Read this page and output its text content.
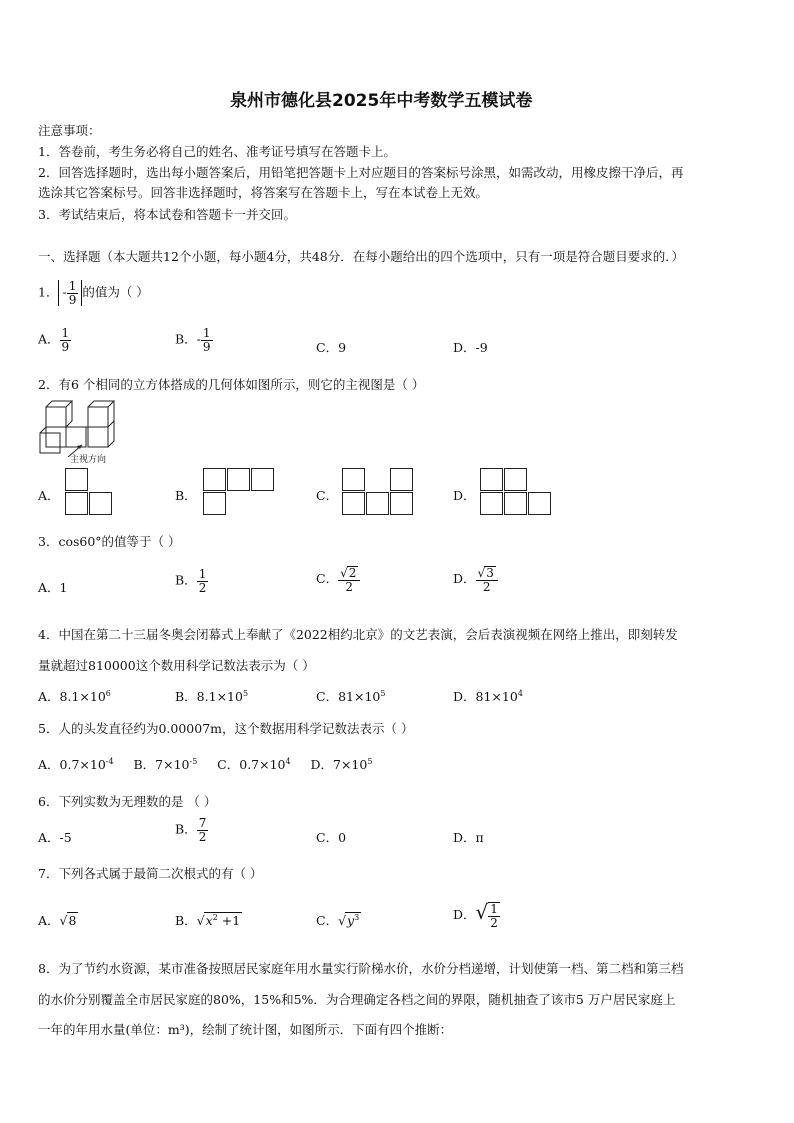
泉州市德化县2025年中考数学五模试卷
注意事项：
1．答卷前，考生务必将自己的姓名、准考证号填写在答题卡上。
2．回答选择题时，选出每小题答案后，用铅笔把答题卡上对应题目的答案标号涂黑，如需改动，用橡皮擦干净后，再
选涂其它答案标号。回答非选择题时，将答案写在答题卡上，写在本试卷上无效。
3．考试结束后，将本试卷和答题卡一并交回。
一、选择题（本大题共12个小题，每小题4分，共48分．在每小题给出的四个选项中，只有一项是符合题目要求的．）
1． - $\frac{1}{9}$ 的值为（ ）
A． $\frac{1}{9}$	B．- $\frac{1}{9}$	C．9	D．-9
2．有6 个相同的立方体搭成的几何体如图所示，则它的主视图是（ ）
主视方向
A．	B．	C．	D．
3．cos60°的值等于（ ）
A．1	B． $\frac{1}{2}$	C． $\frac{√2}{2}$	D． $\frac{√3}{2}$
4．中国在第二十三届冬奥会闭幕式上奉献了《2022相约北京》的文艺表演，会后表演视频在网络上推出，即刻转发
量就超过810000这个数用科学记数法表示为（ ）
A．$8.1\times 10^6$	B．$8.1\times 10^5$	C．$81\times 10^5$	D．$81\times 10^4$
5．人的头发直径约为0.00007m，这个数据用科学记数法表示（ ）
A．$0.7\times 10^{-4}$ B．$7\times 10^{-5}$ C．$0.7\times 10^4$ D．$7\times 10^5$
6．下列实数为无理数的是 （ ）
A．-5
B． $\frac{7}{2}$	C．0	D．π
7．下列各式属于最简二次根式的有（ ）
A．√8	B．$√x^2 +1$	C．$√y^3$	D．√ $\frac{1}{2}$
8．为了节约水资源，某市准备按照居民家庭年用水量实行阶梯水价，水价分档递增，计划使第一档、第二档和第三档
的水价分别覆盖全市居民家庭的80%，15%和5%．为合理确定各档之间的界限，随机抽查了该市5 万户居民家庭上
一年的年用水量(单位：m³)，绘制了统计图，如图所示．下面有四个推断：
